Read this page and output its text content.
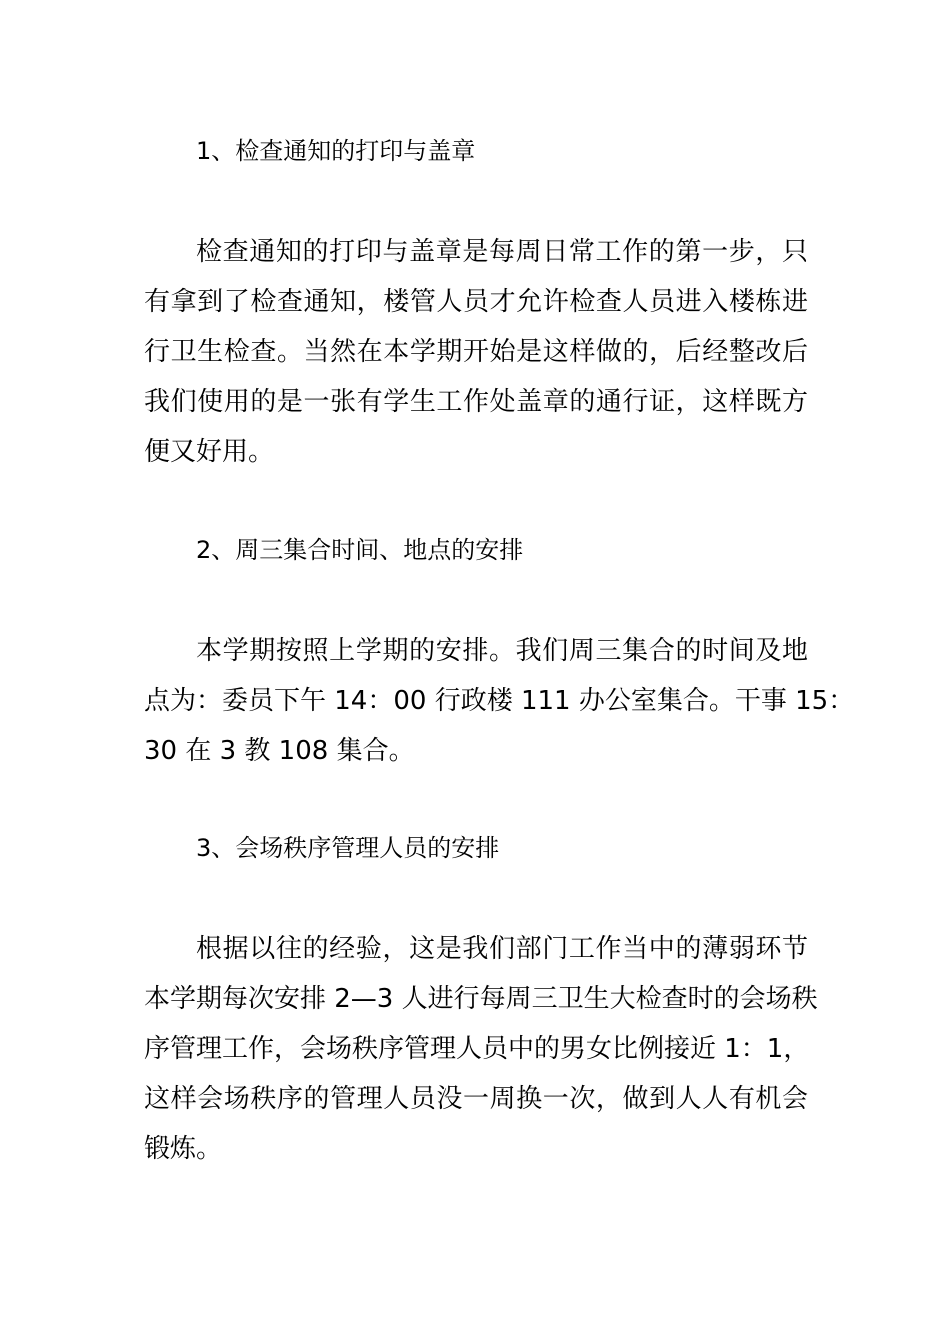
1、检查通知的打印与盖章
检查通知的打印与盖章是每周日常工作的第一步，只
有拿到了检查通知，楼管人员才允许检查人员进入楼栋进
行卫生检查。当然在本学期开始是这样做的，后经整改后
我们使用的是一张有学生工作处盖章的通行证，这样既方
便又好用。
2、周三集合时间、地点的安排
本学期按照上学期的安排。我们周三集合的时间及地
点为：委员下午 14：00 行政楼 111 办公室集合。干事 15：
30 在 3 教 108 集合。
3、会场秩序管理人员的安排
根据以往的经验，这是我们部门工作当中的薄弱环节
本学期每次安排 2—3 人进行每周三卫生大检查时的会场秩
序管理工作，会场秩序管理人员中的男女比例接近 1：1，
这样会场秩序的管理人员没一周换一次，做到人人有机会
锻炼。
